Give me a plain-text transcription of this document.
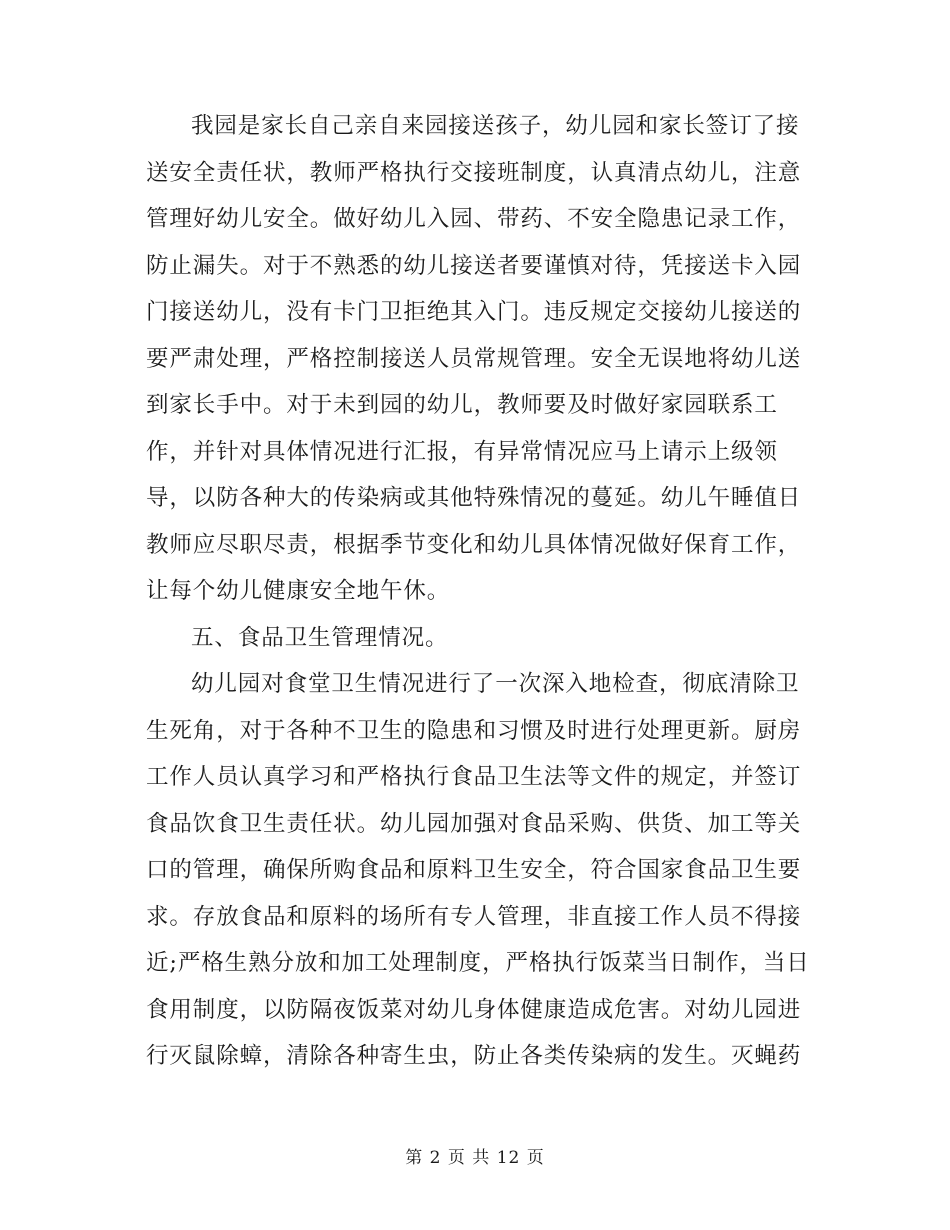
我园是家长自己亲自来园接送孩子，幼儿园和家长签订了接
送安全责任状，教师严格执行交接班制度，认真清点幼儿，注意
管理好幼儿安全。做好幼儿入园、带药、不安全隐患记录工作，
防止漏失。对于不熟悉的幼儿接送者要谨慎对待，凭接送卡入园
门接送幼儿，没有卡门卫拒绝其入门。违反规定交接幼儿接送的
要严肃处理，严格控制接送人员常规管理。安全无误地将幼儿送
到家长手中。对于未到园的幼儿，教师要及时做好家园联系工
作，并针对具体情况进行汇报，有异常情况应马上请示上级领
导，以防各种大的传染病或其他特殊情况的蔓延。幼儿午睡值日
教师应尽职尽责，根据季节变化和幼儿具体情况做好保育工作，
让每个幼儿健康安全地午休。
五、食品卫生管理情况。
幼儿园对食堂卫生情况进行了一次深入地检查，彻底清除卫
生死角，对于各种不卫生的隐患和习惯及时进行处理更新。厨房
工作人员认真学习和严格执行食品卫生法等文件的规定，并签订
食品饮食卫生责任状。幼儿园加强对食品采购、供货、加工等关
口的管理，确保所购食品和原料卫生安全，符合国家食品卫生要
求。存放食品和原料的场所有专人管理，非直接工作人员不得接
近;严格生熟分放和加工处理制度，严格执行饭菜当日制作，当日
食用制度，以防隔夜饭菜对幼儿身体健康造成危害。对幼儿园进
行灭鼠除蟑，清除各种寄生虫，防止各类传染病的发生。灭蝇药
第 2 页 共 12 页
